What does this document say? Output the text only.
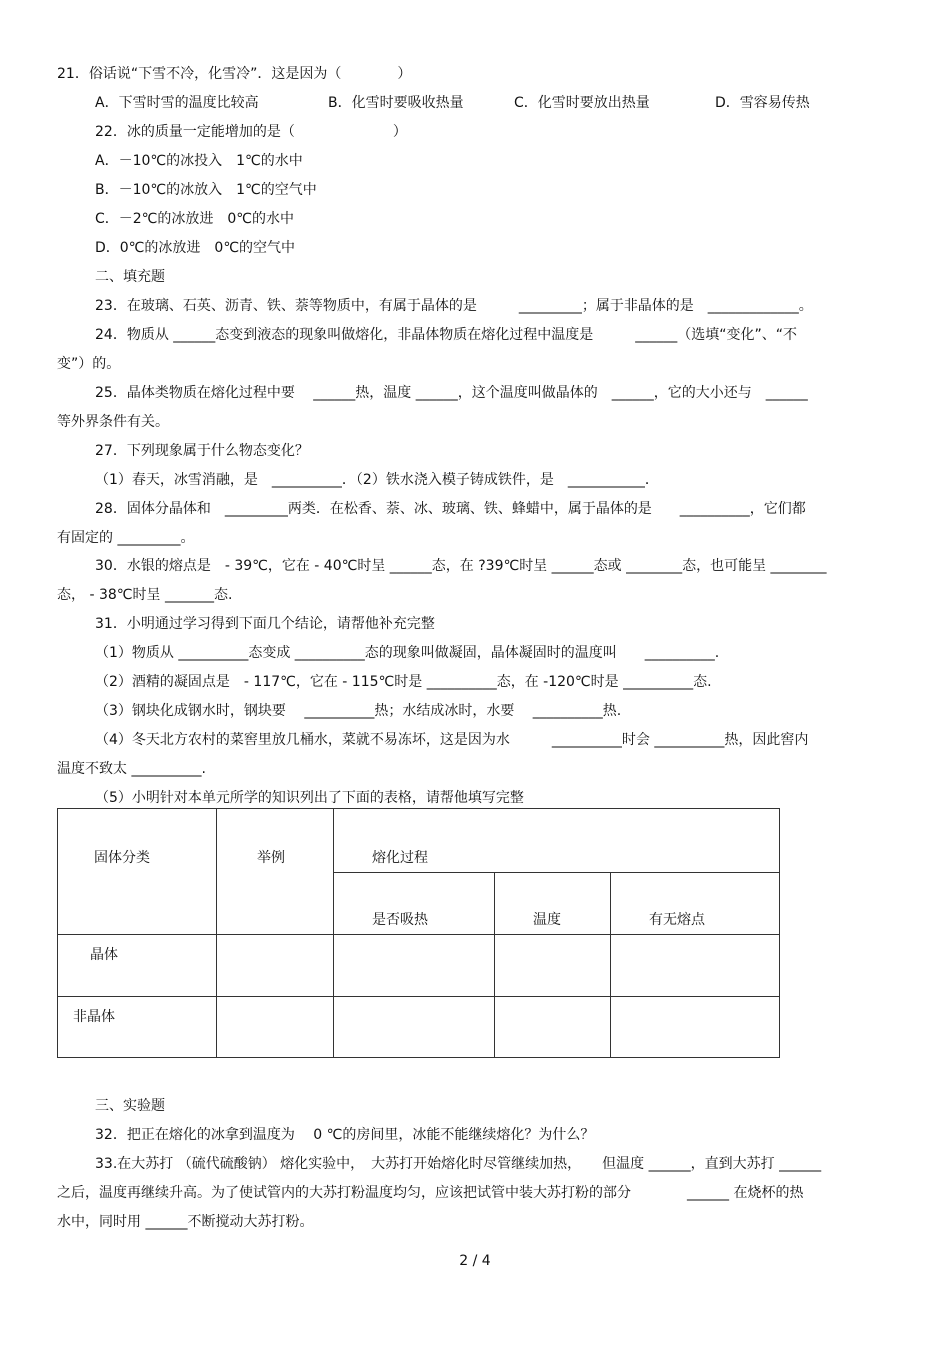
21．俗话说“下雪不冷，化雪冷”．这是因为（　　　　）
A．下雪时雪的温度比较高	B．化雪时要吸收热量	C．化雪时要放出热量	D．雪容易传热
22．冰的质量一定能增加的是（　　　　　　　）
A．－10℃的冰投入　1℃的水中
B．－10℃的冰放入　1℃的空气中
C．－2℃的冰放进　0℃的水中
D．0℃的冰放进　0℃的空气中
二、填充题
23．在玻璃、石英、沥青、铁、萘等物质中，有属于晶体的是　　　_________；属于非晶体的是　_____________。
24．物质从 ______态变到液态的现象叫做熔化，非晶体物质在熔化过程中温度是　　　______（选填“变化”、“不
变”）的。
25．晶体类物质在熔化过程中要　 ______热，温度 ______，这个温度叫做晶体的　______，它的大小还与　______
等外界条件有关。
27．下列现象属于什么物态变化？
（1）春天，冰雪消融，是　__________．（2）铁水浇入模子铸成铁件，是　___________．
28．固体分晶体和　_________两类．在松香、萘、冰、玻璃、铁、蜂蜡中，属于晶体的是　　__________，它们都
有固定的 _________。
30．水银的熔点是　- 39℃，它在 - 40℃时呈 ______态，在 ?39℃时呈 ______态或 ________态，也可能呈 ________
态， - 38℃时呈 _______态.
31．小明通过学习得到下面几个结论，请帮他补充完整
（1）物质从 __________态变成 __________态的现象叫做凝固，晶体凝固时的温度叫　　__________.
（2）酒精的凝固点是　- 117℃，它在 - 115℃时是 __________态，在 -120℃时是 __________态.
（3）钢块化成钢水时，钢块要　 __________热；水结成冰时，水要　 __________热.
（4）冬天北方农村的菜窖里放几桶水，菜就不易冻坏，这是因为水　　　__________时会 __________热，因此窖内
温度不致太 __________.
（5）小明针对本单元所学的知识列出了下面的表格，请帮他填写完整
固体分类	举例	熔化过程		

		是否吸热	温度	有无熔点

晶体				

非晶体				

三、实验题
32．把正在熔化的冰拿到温度为　 0 ℃的房间里，冰能不能继续熔化？为什么？
33.在大苏打 （硫代硫酸钠） 熔化实验中，　大苏打开始熔化时尽管继续加热，　　但温度 ______，直到大苏打 ______
之后，温度再继续升高。为了使试管内的大苏打粉温度均匀，应该把试管中装大苏打粉的部分　　　　______ 在烧杯的热
水中，同时用 ______不断搅动大苏打粉。
2 / 4
